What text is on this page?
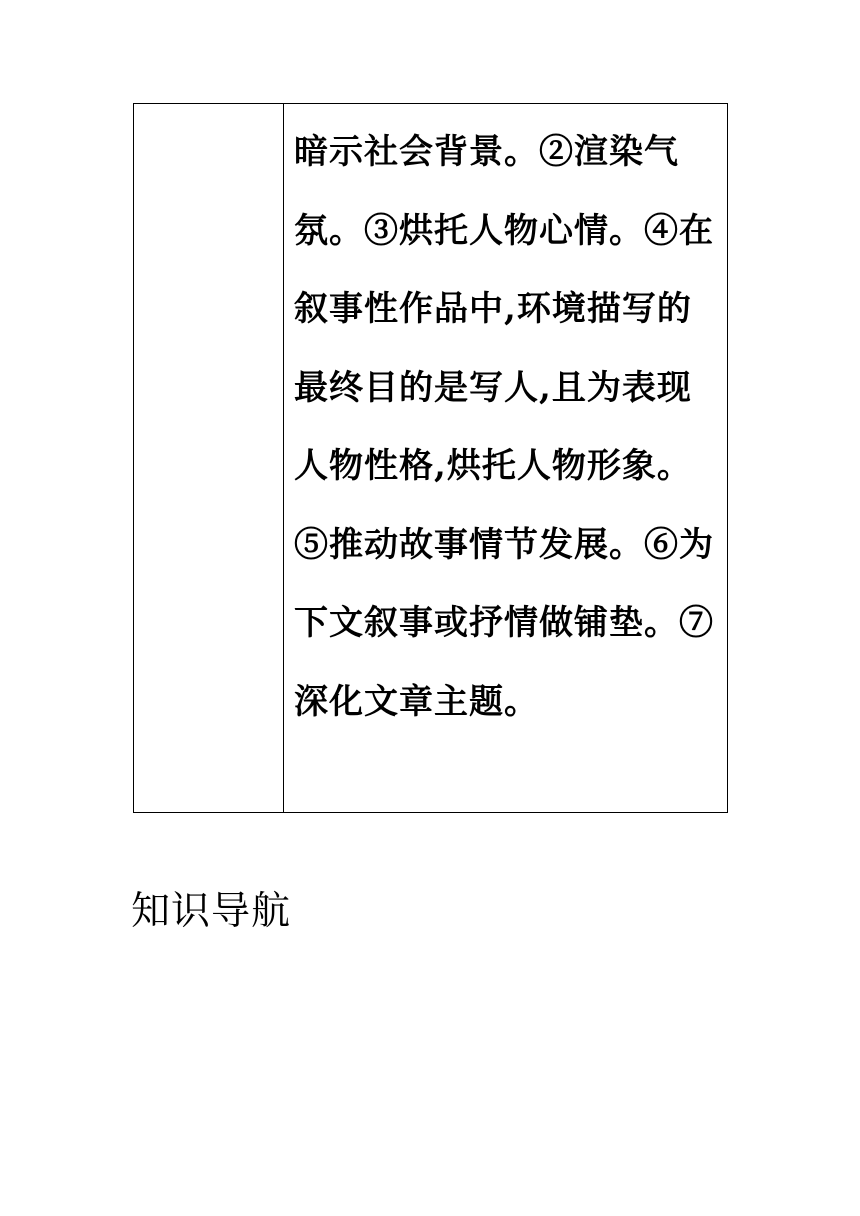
暗示社会背景。②渲染气氛。③烘托人物心情。④在叙事性作品中,环境描写的最终目的是写人,且为表现人物性格,烘托人物形象。⑤推动故事情节发展。⑥为下文叙事或抒情做铺垫。⑦深化文章主题。

知识导航
